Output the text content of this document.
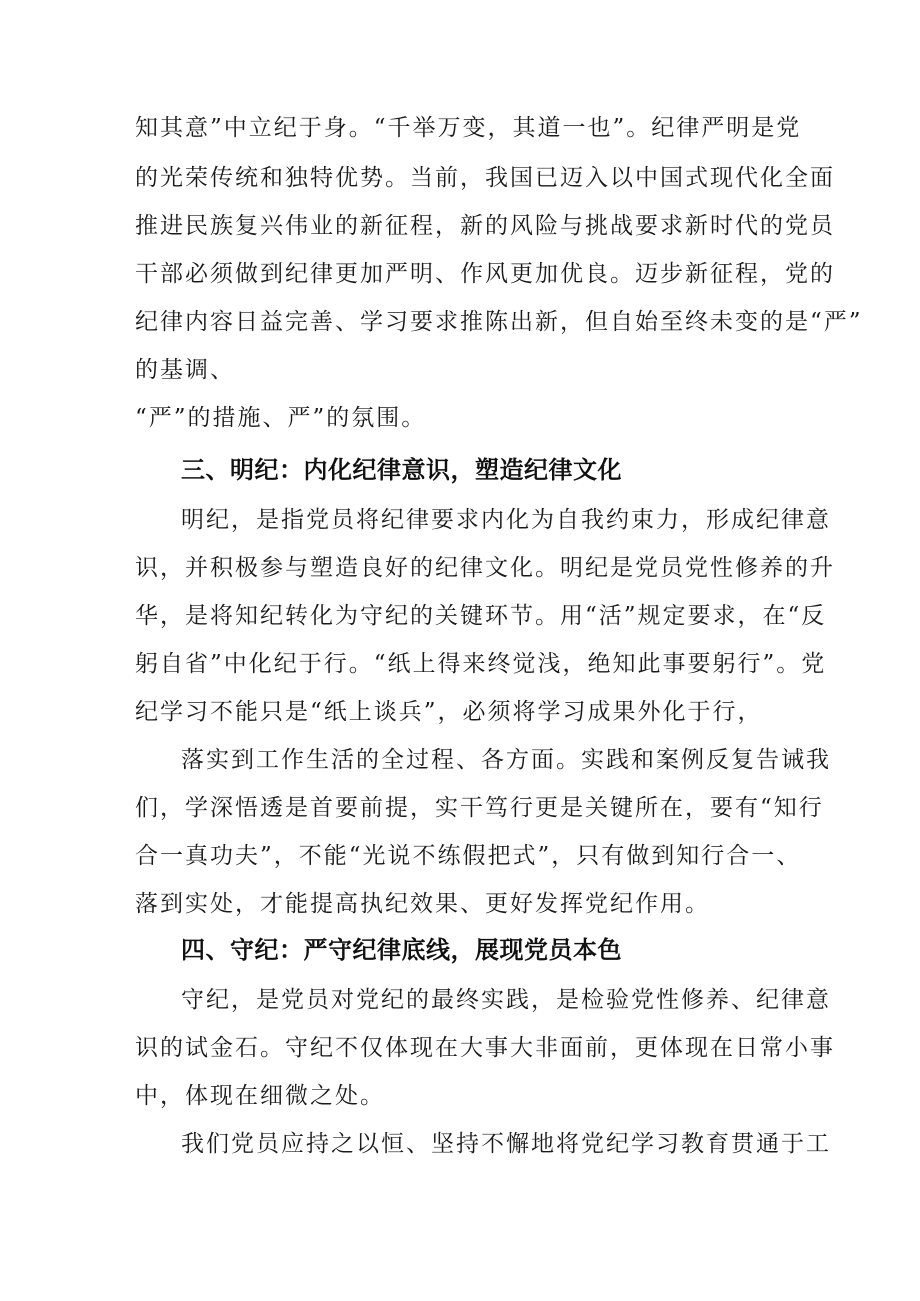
知其意”中立纪于身。“千举万变，其道一也”。纪律严明是党

的光荣传统和独特优势。当前，我国已迈入以中国式现代化全面

推进民族复兴伟业的新征程，新的风险与挑战要求新时代的党员

干部必须做到纪律更加严明、作风更加优良。迈步新征程，党的

纪律内容日益完善、学习要求推陈出新，但自始至终未变的是“严”

的基调、

“严”的措施、严”的氛围。

三、明纪：内化纪律意识，塑造纪律文化

明纪，是指党员将纪律要求内化为自我约束力，形成纪律意

识，并积极参与塑造良好的纪律文化。明纪是党员党性修养的升

华，是将知纪转化为守纪的关键环节。用“活”规定要求，在“反

躬自省”中化纪于行。“纸上得来终觉浅，绝知此事要躬行”。党

纪学习不能只是“纸上谈兵”，必须将学习成果外化于行，

落实到工作生活的全过程、各方面。实践和案例反复告诫我

们，学深悟透是首要前提，实干笃行更是关键所在，要有“知行

合一真功夫”，不能“光说不练假把式”，只有做到知行合一、

落到实处，才能提高执纪效果、更好发挥党纪作用。

四、守纪：严守纪律底线，展现党员本色

守纪，是党员对党纪的最终实践，是检验党性修养、纪律意

识的试金石。守纪不仅体现在大事大非面前，更体现在日常小事

中，体现在细微之处。

我们党员应持之以恒、坚持不懈地将党纪学习教育贯通于工
